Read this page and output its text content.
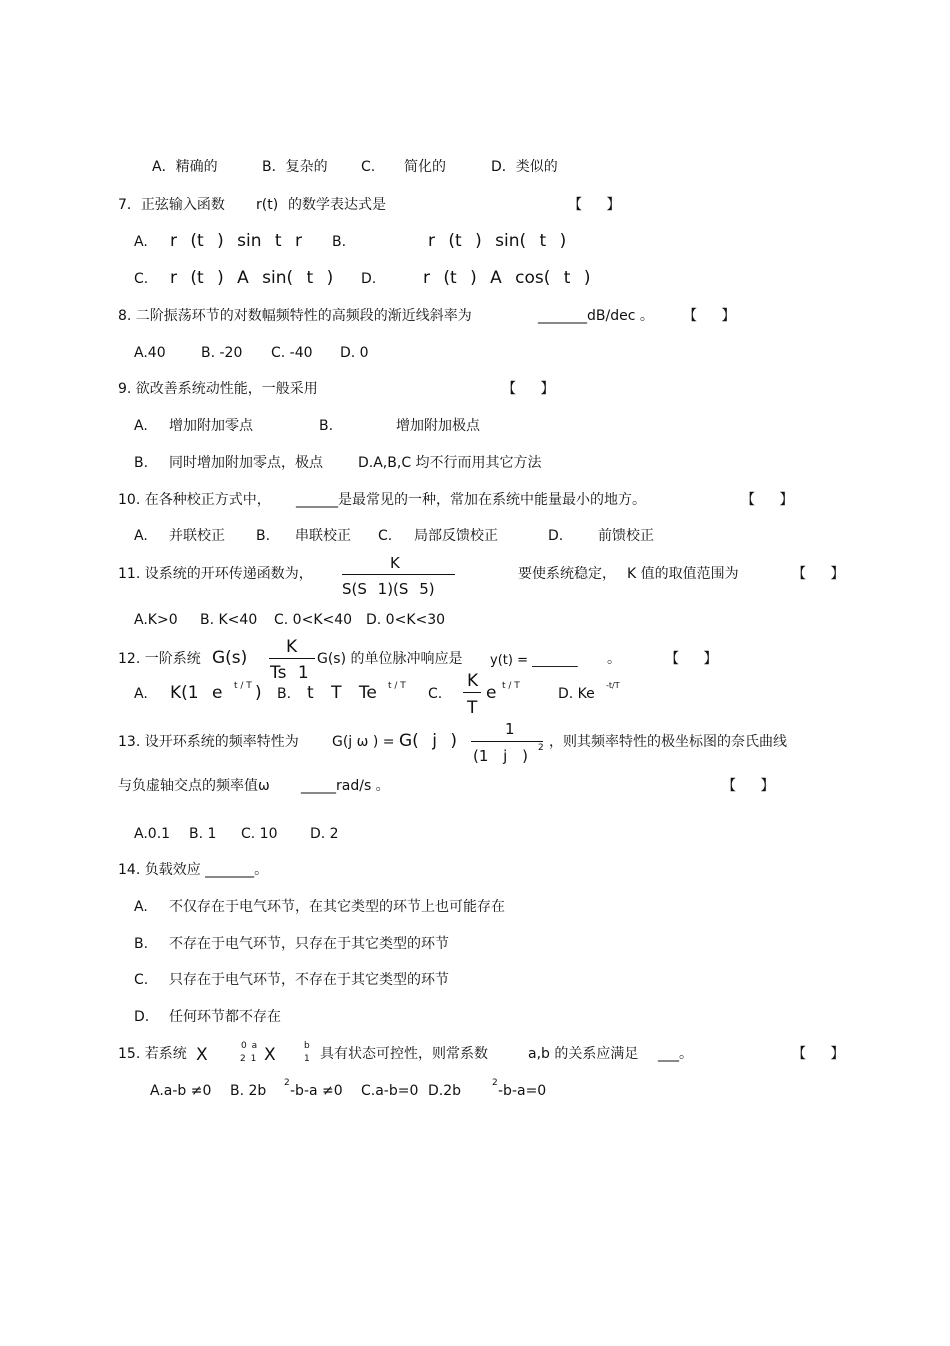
A．精确的	B．复杂的 C. 简化的	D．类似的
7．正弦输入函数 r(t) 的数学表达式是	【 】
A. r (t ) sin t r B.	r (t ) sin( t )
C. r (t ) A sin( t ) D.	r (t ) A cos( t )
8. 二阶振荡环节的对数幅频特性的高频段的渐近线斜率为	_______dB/dec 。 【 】
A.40	B. -20 C. -40 D. 0
9. 欲改善系统动性能，一般采用	【 】
A. 增加附加零点	B.	增加附加极点
B. 同时增加附加零点，极点	D.A,B,C 均不行而用其它方法
10. 在各种校正方式中， ______是最常见的一种，常加在系统中能量最小的地方。	【 】
A. 并联校正 B. 串联校正 C. 局部反馈校正	D. 前馈校正
11. 设系统的开环传递函数为，
K
S(S 1)(S 5)
要使系统稳定， K 值的取值范围为	【 】
A.K>0 B. K<40 C. 0<K<40 D. 0<K<30
12. 一阶系统 G(s)
K
Ts 1
G(s) 的单位脉冲响应是 y(t) = _______ 。	【 】
A. K(1 e t / T ) B. t T Te t / T C.
K
T
e t / T	D. Ke
-t/T
13. 设开环系统的频率特性为 G(j ω ) = G( j )
1
(1 j ) 2 ，则其频率特性的极坐标图的奈氏曲线
与负虚轴交点的频率值ω _____rad/s 。	【 】
A.0.1 B. 1 C. 10 D. 2
14. 负载效应 _______。
A. 不仅存在于电气环节，在其它类型的环节上也可能存在
B. 不存在于电气环节，只存在于其它类型的环节
C. 只存在于电气环节，不存在于其它类型的环节
D. 任何环节都不存在
15. 若系统 X	0 a
2 1 X	b
1 具有状态可控性，则常系数	a,b 的关系应满足 ___。	【 】
A.a-b ≠0 B. 2b 2 -b-a ≠0 C.a-b=0 D.2b	2 -b-a=0
